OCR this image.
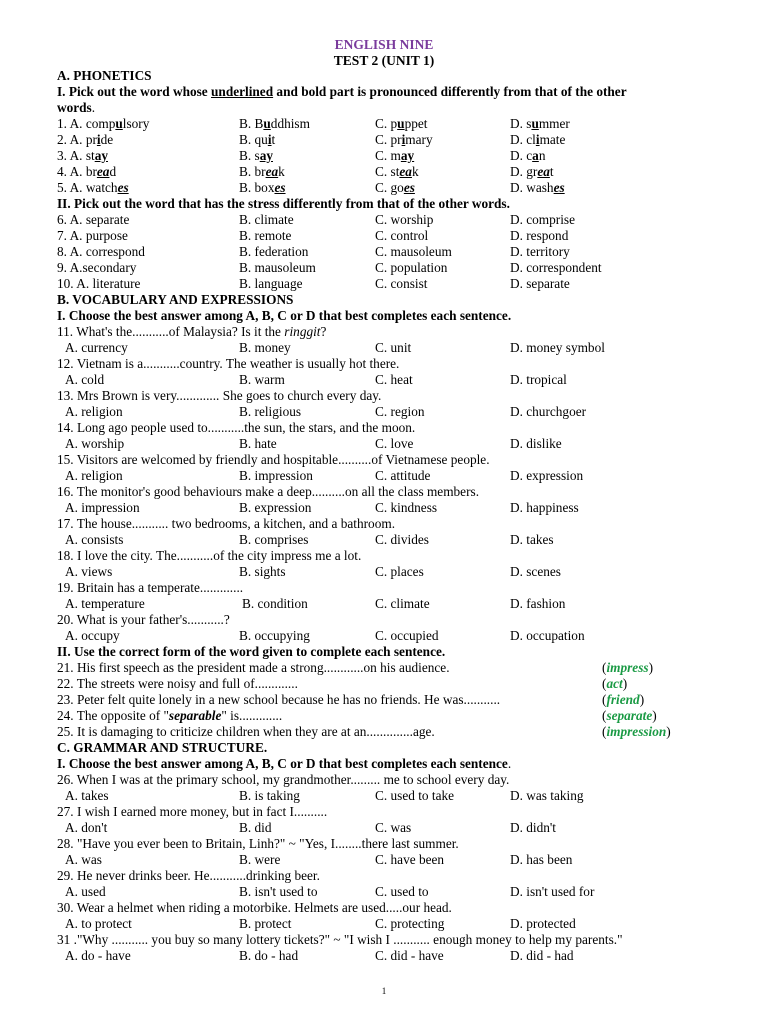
ENGLISH NINE
TEST 2 (UNIT 1)
A. PHONETICS
I. Pick out the word whose underlined and bold part is pronounced differently from that of the other
words.
1. A. compulsory	B. Buddhism	C. puppet	D. summer
2. A. pride	B. quit	C. primary	D. climate
3. A. stay	B. say	C. may	D. can
4. A. bread	B. break	C. steak	D. great
5. A. watches	B. boxes	C. goes	D. washes
II. Pick out the word that has the stress differently from that of the other words.
6. A. separate	B. climate	C. worship	D. comprise
7. A. purpose	B. remote	C. control	D. respond
8. A. correspond	B. federation	C. mausoleum	D. territory
9. A.secondary	B. mausoleum	C. population	D. correspondent
10. A. literature	B. language	C. consist	D. separate
B. VOCABULARY AND EXPRESSIONS
I. Choose the best answer among A, B, C or D that best completes each sentence.
11. What's the...........of Malaysia? Is it the ringgit?
A. currency	B. money	C. unit	D. money symbol
12. Vietnam is a...........country. The weather is usually hot there.
A. cold	B. warm	C. heat	D. tropical
13. Mrs Brown is very............. She goes to church every day.
A. religion	B. religious	C. region	D. churchgoer
14. Long ago people used to...........the sun, the stars, and the moon.
A. worship	B. hate	C. love	D. dislike
15. Visitors are welcomed by friendly and hospitable..........of Vietnamese people.
A. religion	B. impression	C. attitude	D. expression
16. The monitor's good behaviours make a deep..........on all the class members.
A. impression	B. expression	C. kindness	D. happiness
17. The house........... two bedrooms, a kitchen, and a bathroom.
A. consists	B. comprises	C. divides	D. takes
18. I love the city. The...........of the city impress me a lot.
A. views	B. sights	C. places	D. scenes
19. Britain has a temperate.............
A. temperature	B. condition	C. climate	D. fashion
20. What is your father's...........?
A. occupy	B. occupying	C. occupied	D. occupation
II. Use the correct form of the word given to complete each sentence.
21. His first speech as the president made a strong............on his audience.	(impress)
22. The streets were noisy and full of.............	(act)
23. Peter felt quite lonely in a new school because he has no friends. He was...........	(friend)
24. The opposite of "separable" is.............	(separate)
25. It is damaging to criticize children when they are at an..............age.	(impression)
C. GRAMMAR AND STRUCTURE.
I. Choose the best answer among A, B, C or D that best completes each sentence.
26. When I was at the primary school, my grandmother......... me to school every day.
A. takes	B. is taking	C. used to take	D. was taking
27. I wish I earned more money, but in fact I..........
A. don't	B. did	C. was	D. didn't
28. "Have you ever been to Britain, Linh?" ~ "Yes, I........there last summer.
A. was	B. were	C. have been	D. has been
29. He never drinks beer. He...........drinking beer.
A. used	B. isn't used to	C. used to	D. isn't used for
30. Wear a helmet when riding a motorbike. Helmets are used.....our head.
A. to protect	B. protect	C. protecting	D. protected
31 ."Why ........... you buy so many lottery tickets?" ~ "I wish I ........... enough money to help my parents."
A. do - have	B. do - had	C. did - have	D. did - had
1
